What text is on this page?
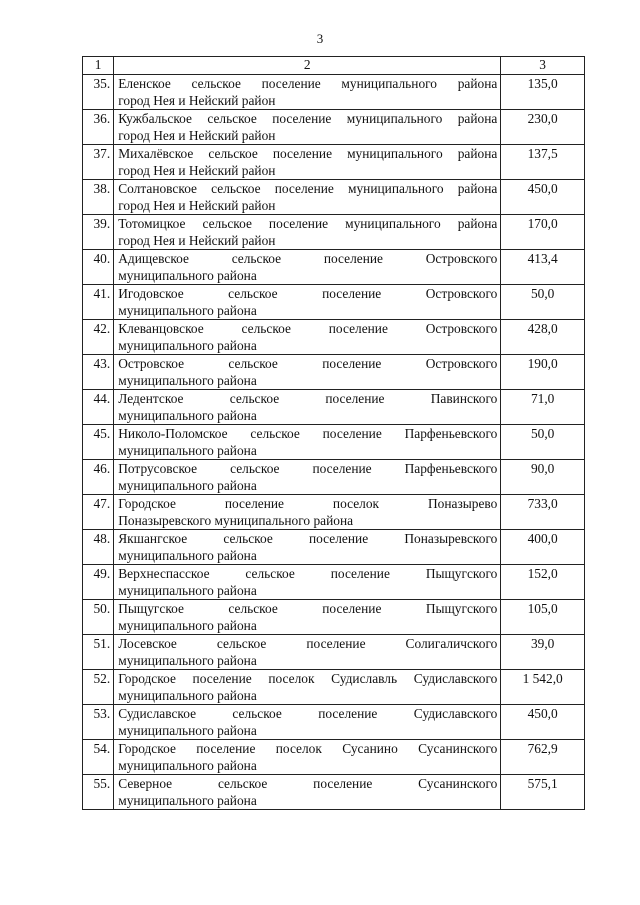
3
1	2	3
35.	Еленское сельское поселение муниципального района
город Нея и Нейский район	135,0
36.	Кужбальское сельское поселение муниципального района
город Нея и Нейский район	230,0
37.	Михалёвское сельское поселение муниципального района
город Нея и Нейский район	137,5
38.	Солтановское сельское поселение муниципального района
город Нея и Нейский район	450,0
39.	Тотомицкое сельское поселение муниципального района
город Нея и Нейский район	170,0
40.	Адищевское сельское поселение Островского
муниципального района	413,4
41.	Игодовское сельское поселение Островского
муниципального района	50,0
42.	Клеванцовское сельское поселение Островского
муниципального района	428,0
43.	Островское сельское поселение Островского
муниципального района	190,0
44.	Ледентское сельское поселение Павинского
муниципального района	71,0
45.	Николо-Поломское сельское поселение Парфеньевского
муниципального района	50,0
46.	Потрусовское сельское поселение Парфеньевского
муниципального района	90,0
47.	Городское поселение поселок Поназырево
Поназыревского муниципального района	733,0
48.	Якшангское сельское поселение Поназыревского
муниципального района	400,0
49.	Верхнеспасское сельское поселение Пыщугского
муниципального района	152,0
50.	Пыщугское сельское поселение Пыщугского
муниципального района	105,0
51.	Лосевское сельское поселение Солигаличского
муниципального района	39,0
52.	Городское поселение поселок Судиславль Судиславского
муниципального района	1 542,0
53.	Судиславское сельское поселение Судиславского
муниципального района	450,0
54.	Городское поселение поселок Сусанино Сусанинского
муниципального района	762,9
55.	Северное сельское поселение Сусанинского
муниципального района	575,1
